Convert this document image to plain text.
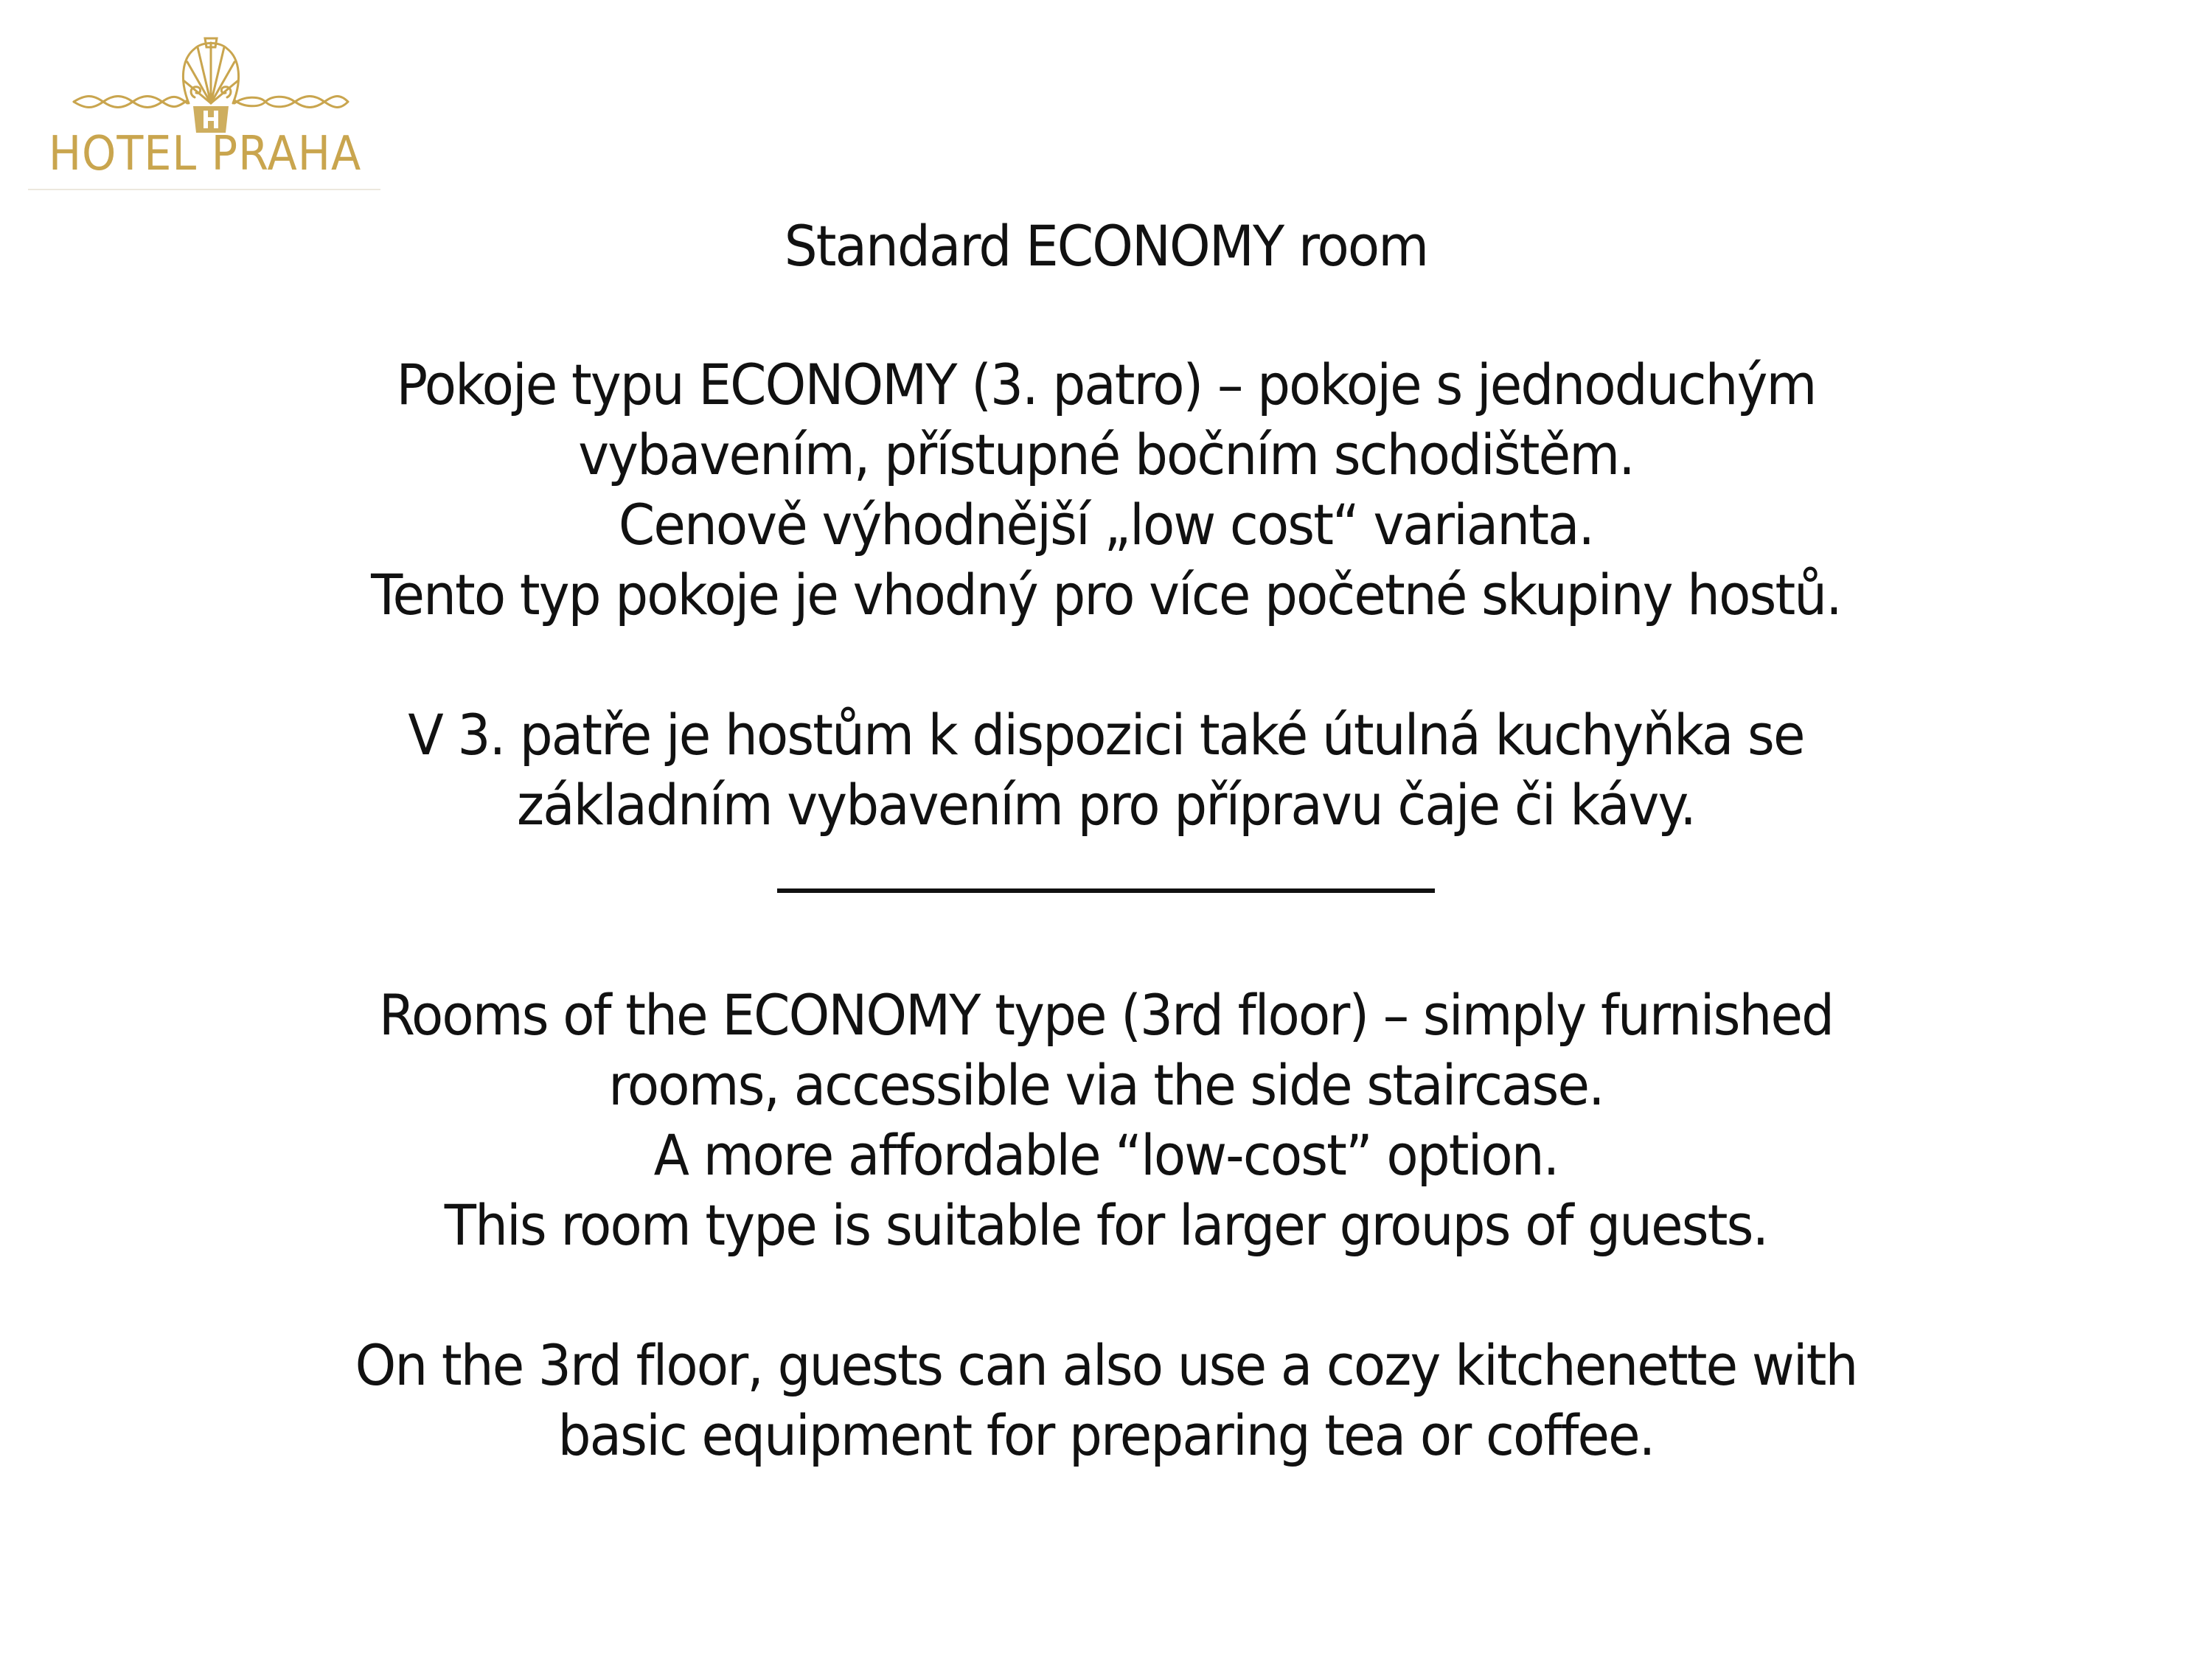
HOTEL PRAHA
Standard ECONOMY room
Pokoje typu ECONOMY (3. patro) – pokoje s jednoduchým
vybavením, přístupné bočním schodištěm.
Cenově výhodnější „low cost“ varianta.
Tento typ pokoje je vhodný pro více početné skupiny hostů.
V 3. patře je hostům k dispozici také útulná kuchyňka se
základním vybavením pro přípravu čaje či kávy.
Rooms of the ECONOMY type (3rd floor) – simply furnished
rooms, accessible via the side staircase.
A more affordable “low-cost” option.
This room type is suitable for larger groups of guests.
On the 3rd floor, guests can also use a cozy kitchenette with
basic equipment for preparing tea or coffee.
